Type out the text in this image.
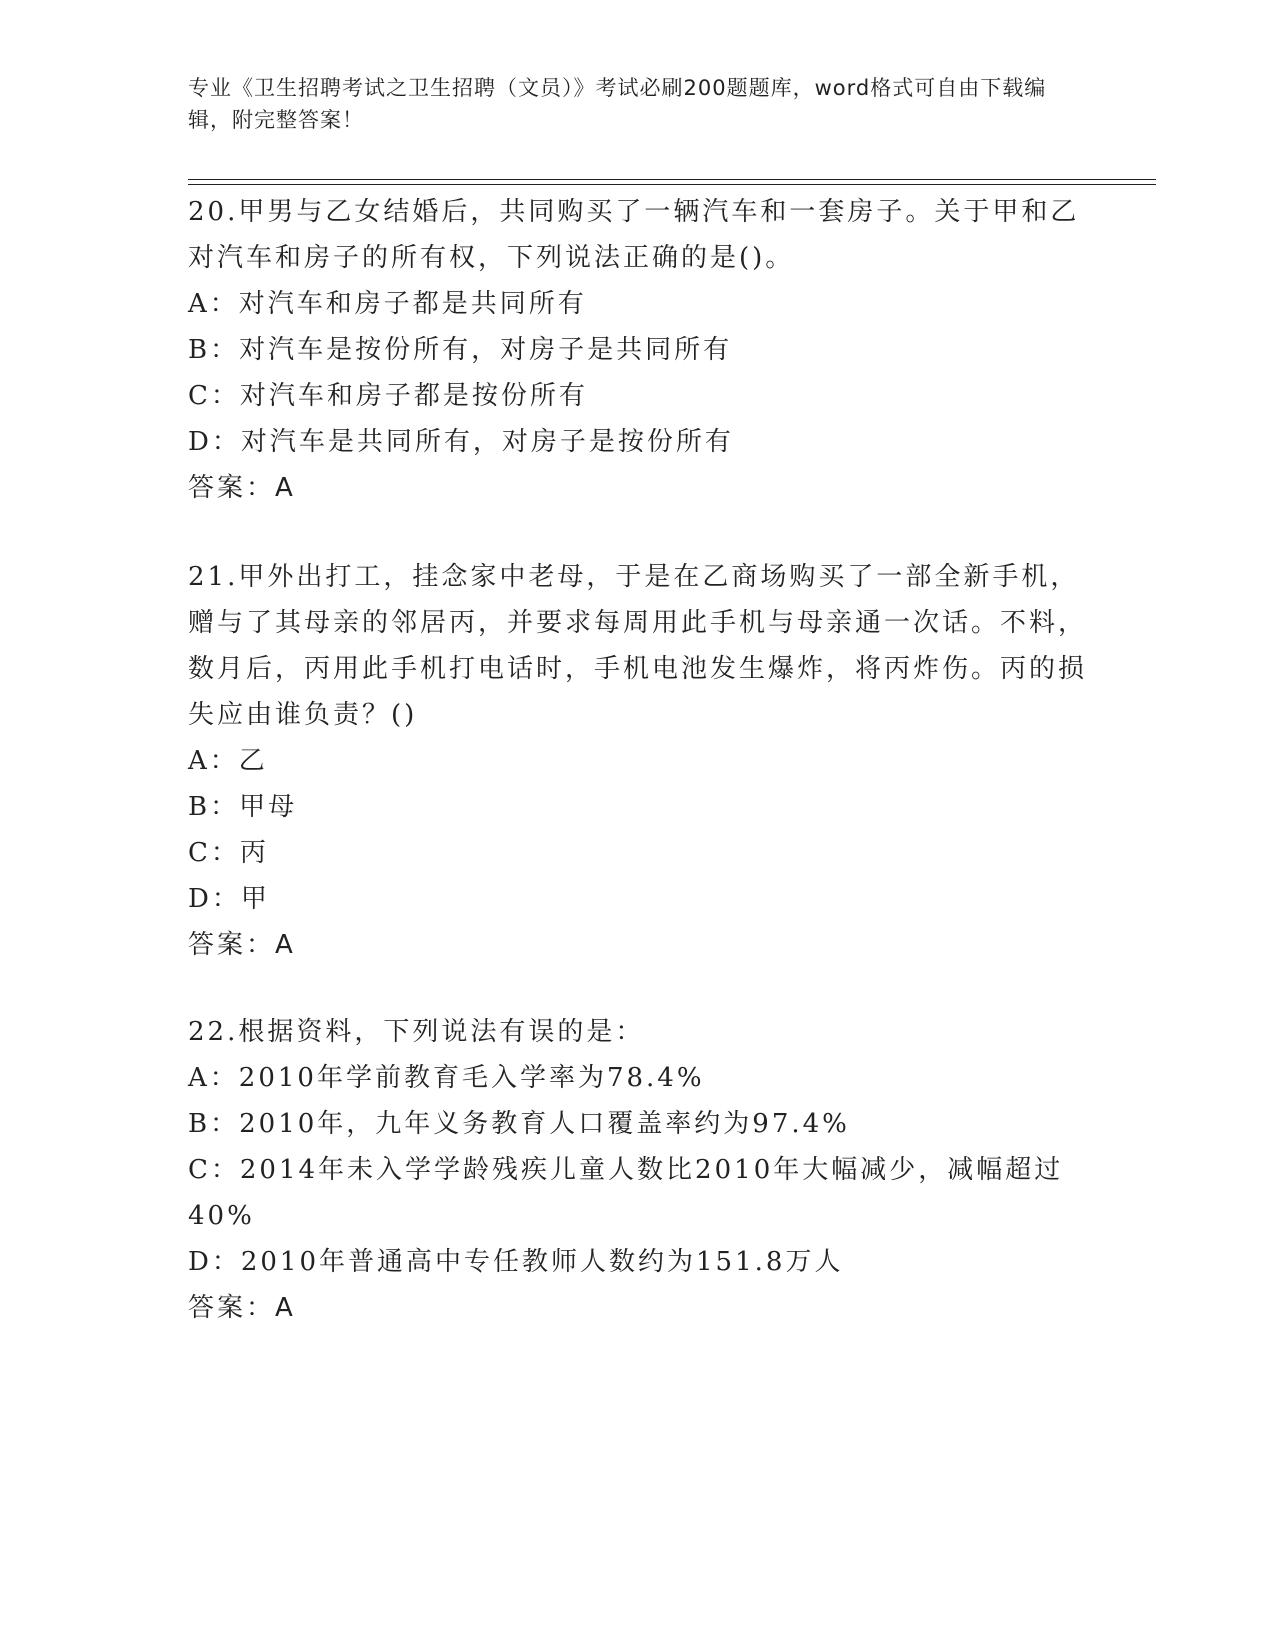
专业《卫生招聘考试之卫生招聘（文员）》考试必刷200题题库，word格式可自由下载编辑，附完整答案！
20.甲男与乙女结婚后，共同购买了一辆汽车和一套房子。关于甲和乙对汽车和房子的所有权，下列说法正确的是()。
A：对汽车和房子都是共同所有
B：对汽车是按份所有，对房子是共同所有
C：对汽车和房子都是按份所有
D：对汽车是共同所有，对房子是按份所有
答案：A
21.甲外出打工，挂念家中老母，于是在乙商场购买了一部全新手机，赠与了其母亲的邻居丙，并要求每周用此手机与母亲通一次话。不料，数月后，丙用此手机打电话时，手机电池发生爆炸，将丙炸伤。丙的损失应由谁负责？()
A：乙
B：甲母
C：丙
D：甲
答案：A
22.根据资料，下列说法有误的是：
A：2010年学前教育毛入学率为78.4%
B：2010年，九年义务教育人口覆盖率约为97.4%
C：2014年未入学学龄残疾儿童人数比2010年大幅减少，减幅超过40%
D：2010年普通高中专任教师人数约为151.8万人
答案：A
